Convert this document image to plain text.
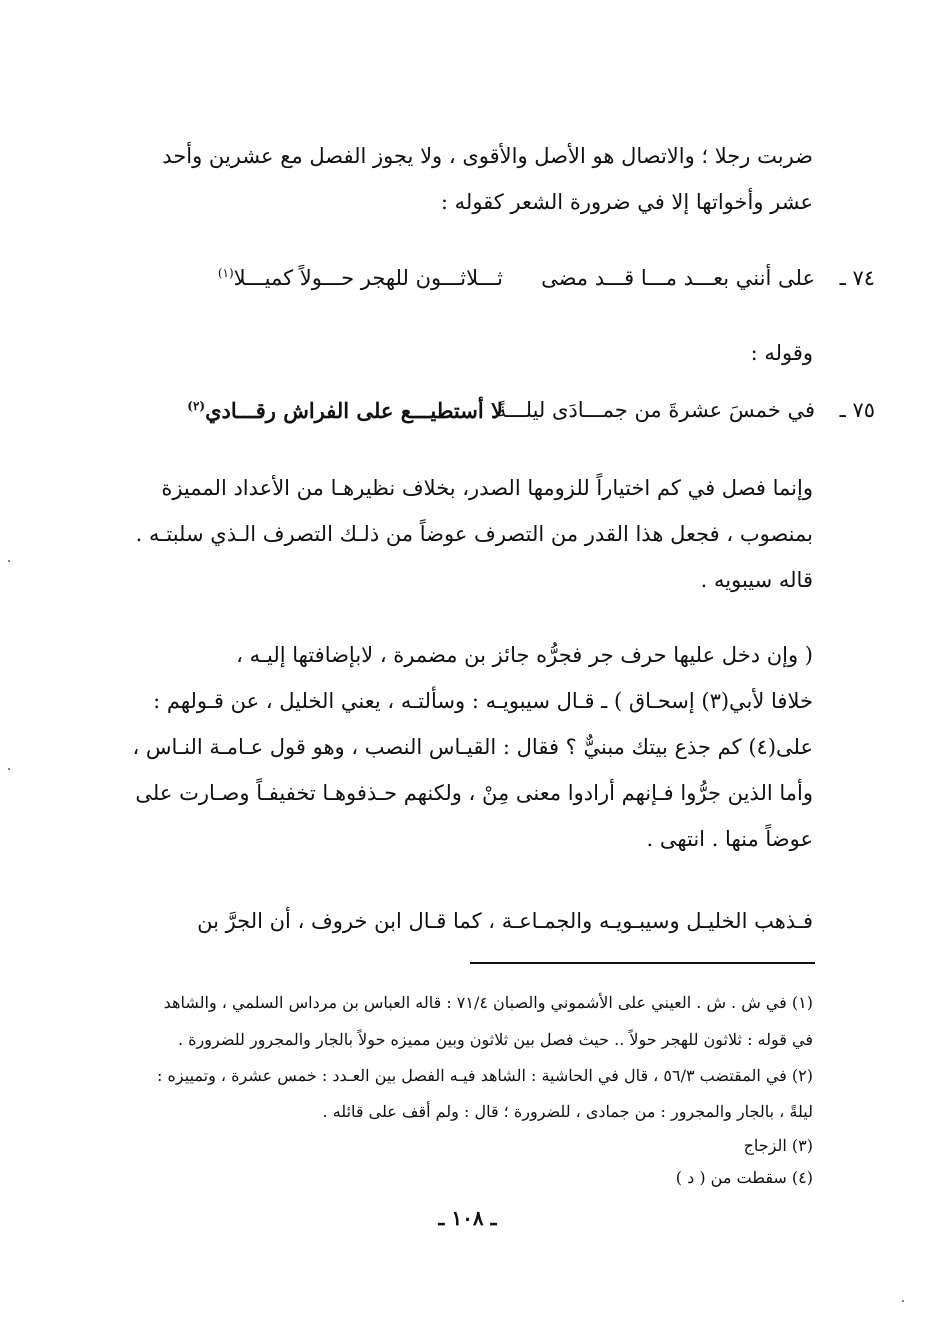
ضربت رجلا ؛ والاتصال هو الأصل والأقوى ، ولا يجوز الفصل مع عشرين وأحد
عشر وأخواتها إلا في ضرورة الشعر كقوله :
٧٤ ـ
على أنني بعـــد مـــا قـــد مضى
ثـــلاثـــون للهجر حـــولاً كميـــلا$^{(١)}$
وقوله :
٧٥ ـ
في خمسَ عشرةَ من جمـــادَى ليلـــةً
لا أستطيـــع على الفراش رقـــادي$^{(٢)}$
وإنما فصل في كم اختياراً للزومها الصدر، بخلاف نظيرهـا من الأعداد المميزة
بمنصوب ، فجعل هذا القدر من التصرف عوضاً من ذلـك التصرف الـذي سلبتـه .
قاله سيبويه .
( وإن دخل عليها حرف جر فجرُّه جائز بن مضمرة ، لابإضافتها إليـه ،
خلافا لأبي(٣) إسحـاق ) ـ قـال سيبويـه : وسألتـه ، يعني الخليل ، عن قـولهم :
على(٤) كم جذع بيتك مبنيٌّ ؟ فقال : القيـاس النصب ، وهو قول عـامـة النـاس ،
وأما الذين جرُّوا فـإنهم أرادوا معنى مِنْ ، ولكنهم حـذفوهـا تخفيفـاً وصـارت على
عوضاً منها . انتهى .
فـذهب الخليـل وسيبـويـه والجمـاعـة ، كما قـال ابن خروف ، أن الجرَّ بن
(١) في ش . ش . العيني على الأشموني والصبان ٧١/٤ : قاله العباس بن مرداس السلمي ، والشاهد
في قوله : ثلاثون للهجر حولاً .. حيث فصل بين ثلاثون وبين مميزه حولاً بالجار والمجرور للضرورة .
(٢) في المقتضب ٥٦/٣ ، قال في الحاشية : الشاهد فيـه الفصل بين العـدد : خمس عشرة ، وتمييزه :
ليلةً ، بالجار والمجرور : من جمادى ، للضرورة ؛ قال : ولم أقف على قائله .
(٣) الزجاج
(٤) سقطت من ( د )
ـ ١٠٨ ـ
